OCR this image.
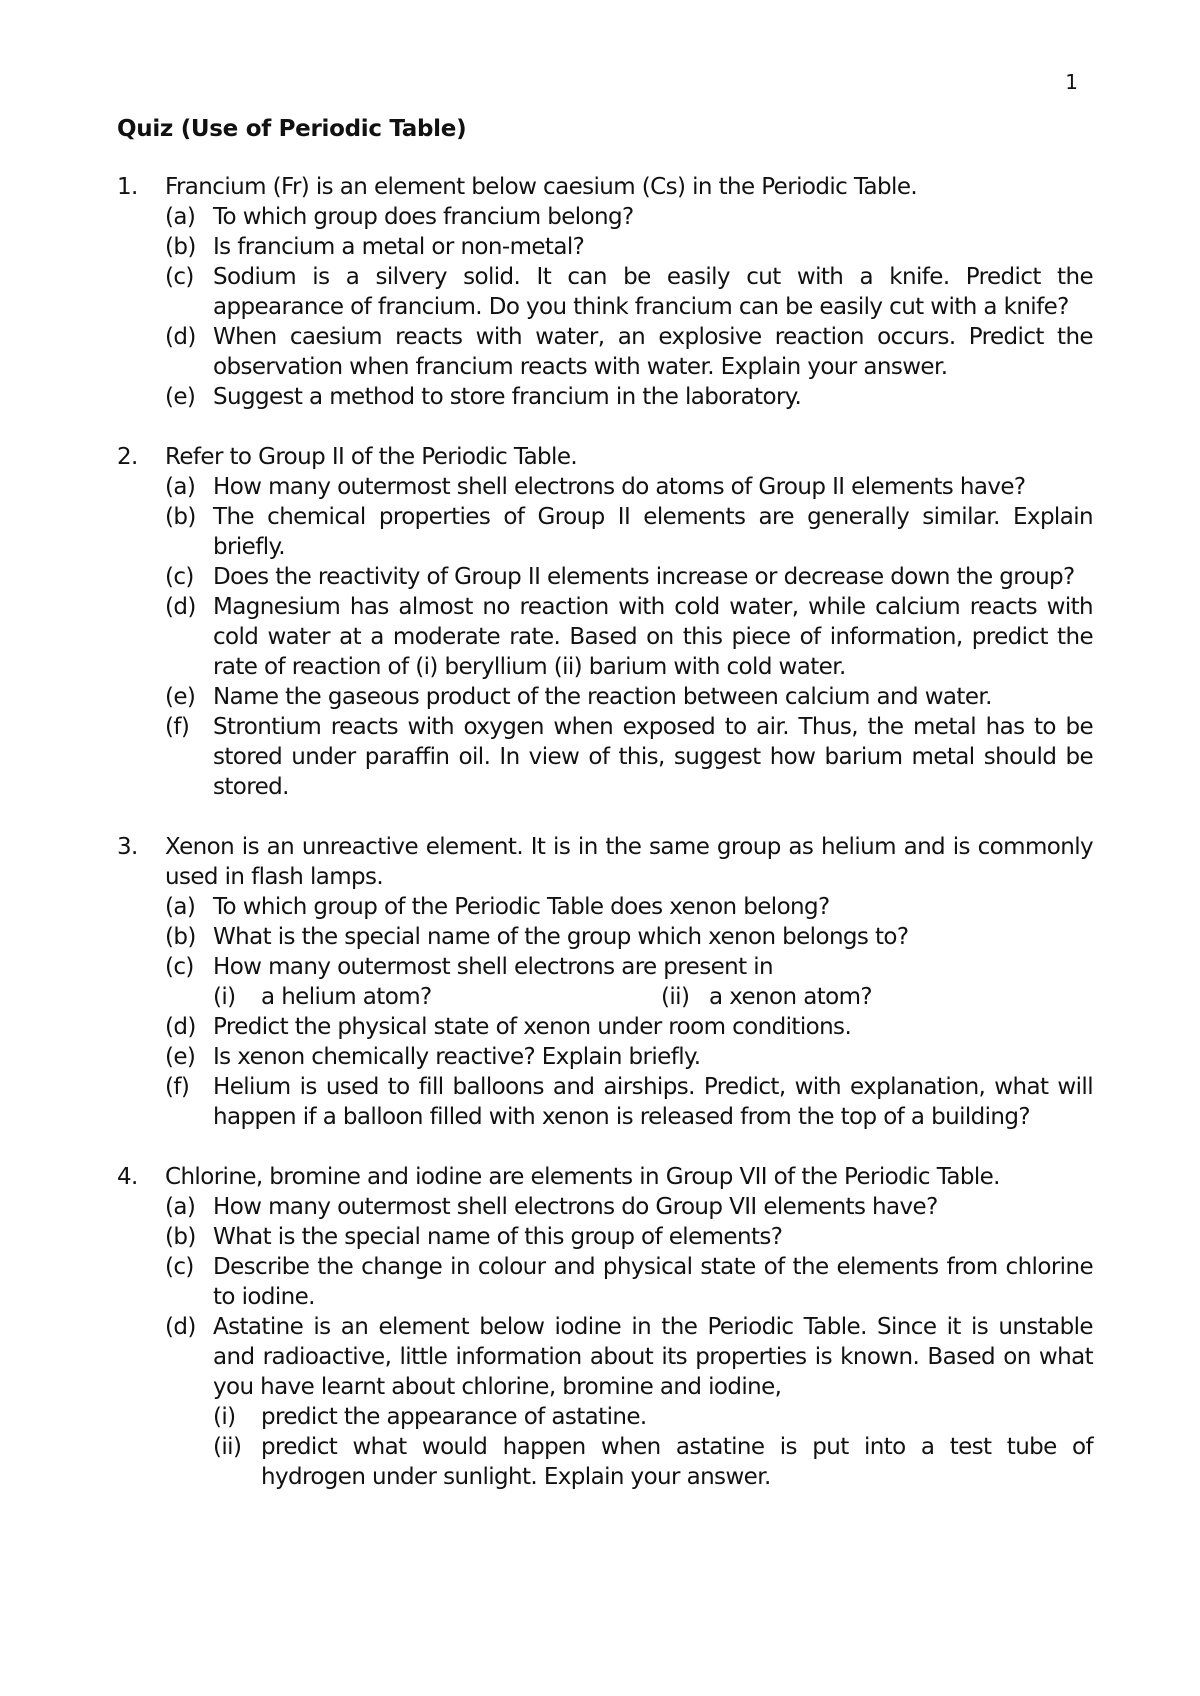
1
Quiz (Use of Periodic Table)
1. Francium (Fr) is an element below caesium (Cs) in the Periodic Table.
(a) To which group does francium belong?
(b) Is francium a metal or non-metal?
(c) Sodium is a silvery solid. It can be easily cut with a knife. Predict the appearance of francium. Do you think francium can be easily cut with a knife?
(d) When caesium reacts with water, an explosive reaction occurs. Predict the observation when francium reacts with water. Explain your answer.
(e) Suggest a method to store francium in the laboratory.
2. Refer to Group II of the Periodic Table.
(a) How many outermost shell electrons do atoms of Group II elements have?
(b) The chemical properties of Group II elements are generally similar. Explain briefly.
(c) Does the reactivity of Group II elements increase or decrease down the group?
(d) Magnesium has almost no reaction with cold water, while calcium reacts with cold water at a moderate rate. Based on this piece of information, predict the rate of reaction of (i) beryllium (ii) barium with cold water.
(e) Name the gaseous product of the reaction between calcium and water.
(f) Strontium reacts with oxygen when exposed to air. Thus, the metal has to be stored under paraffin oil. In view of this, suggest how barium metal should be stored.
3. Xenon is an unreactive element. It is in the same group as helium and is commonly used in flash lamps.
(a) To which group of the Periodic Table does xenon belong?
(b) What is the special name of the group which xenon belongs to?
(c) How many outermost shell electrons are present in
(i) a helium atom?	(ii) a xenon atom?
(d) Predict the physical state of xenon under room conditions.
(e) Is xenon chemically reactive? Explain briefly.
(f) Helium is used to fill balloons and airships. Predict, with explanation, what will happen if a balloon filled with xenon is released from the top of a building?
4. Chlorine, bromine and iodine are elements in Group VII of the Periodic Table.
(a) How many outermost shell electrons do Group VII elements have?
(b) What is the special name of this group of elements?
(c) Describe the change in colour and physical state of the elements from chlorine to iodine.
(d) Astatine is an element below iodine in the Periodic Table. Since it is unstable and radioactive, little information about its properties is known. Based on what you have learnt about chlorine, bromine and iodine,
(i) predict the appearance of astatine.
(ii) predict what would happen when astatine is put into a test tube of hydrogen under sunlight. Explain your answer.
